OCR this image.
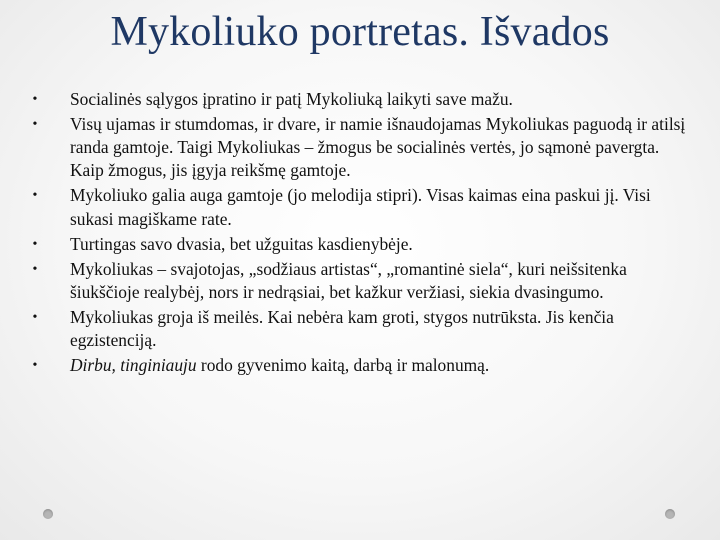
Mykoliuko portretas. Išvados
• Socialinės sąlygos įpratino ir patį Mykoliuką laikyti save mažu.
• Visų ujamas ir stumdomas, ir dvare, ir namie išnaudojamas Mykoliukas paguodą ir atilsį randa gamtoje. Taigi Mykoliukas – žmogus be socialinės vertės, jo sąmonė pavergta. Kaip žmogus, jis įgyja reikšmę gamtoje.
• Mykoliuko galia auga gamtoje (jo melodija stipri). Visas kaimas eina paskui jį. Visi sukasi magiškame rate.
• Turtingas savo dvasia, bet užguitas kasdienybėje.
• Mykoliukas – svajotojas, „sodžiaus artistas“, „romantinė siela“, kuri neišsitenka šiukščioje realybėj, nors ir nedrąsiai, bet kažkur veržiasi, siekia dvasingumo.
• Mykoliukas groja iš meilės. Kai nebėra kam groti, stygos nutrūksta. Jis kenčia egzistenciją.
• Dirbu, tinginiauju rodo gyvenimo kaitą, darbą ir malonumą.
